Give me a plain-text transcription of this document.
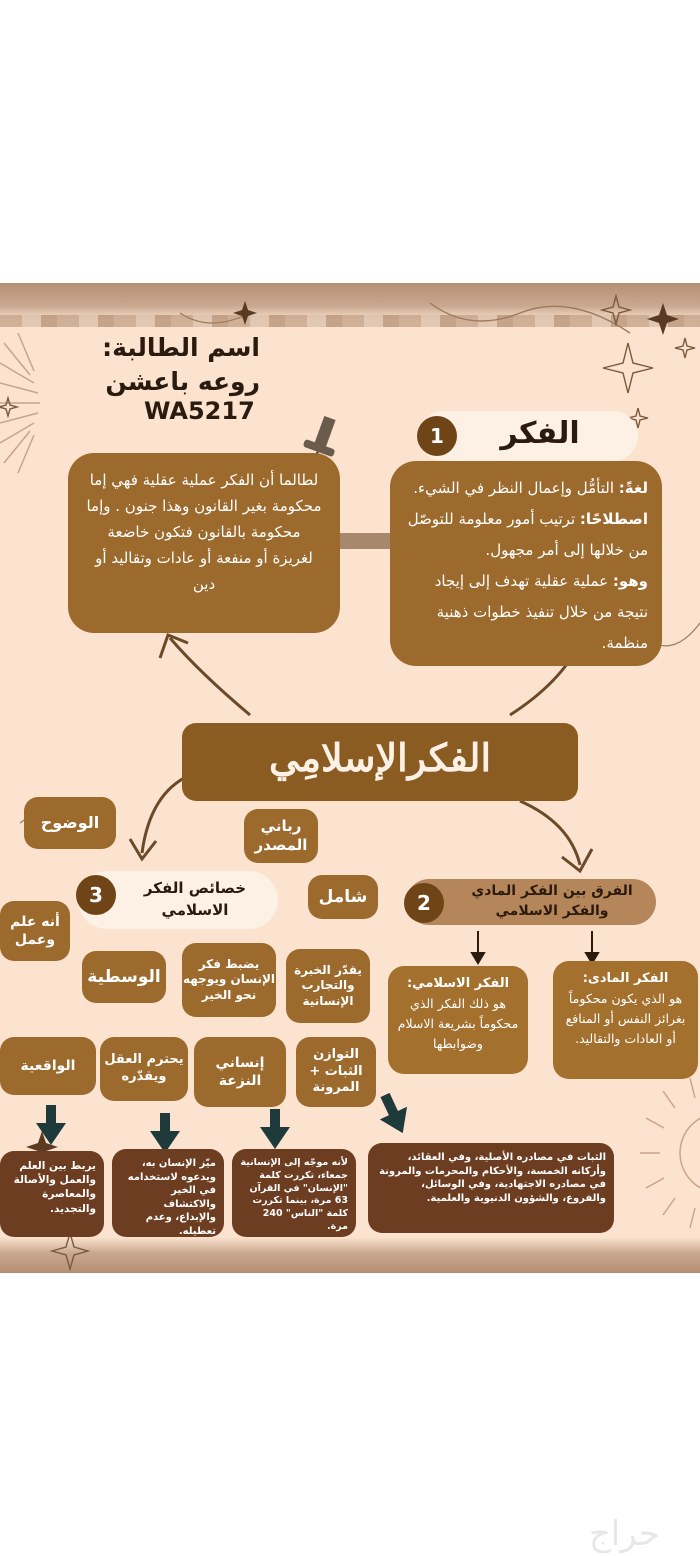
اسم الطالبة:
روعه باعشن
WA5217
الفكر
1
لغةً: التأمُّل وإعمال النظر في الشيء.
اصطلاحًا: ترتيب أمور معلومة للتوصّل من خلالها إلى أمر مجهول.
وهو: عملية عقلية تهدف إلى إيجاد نتيجة من خلال تنفيذ خطوات ذهنية منظمة.
لطالما أن الفكر عملية عقلية فهي إما محكومة بغير القانون وهذا جنون . وإما محكومة بالقانون فتكون خاضعة لغريزة أو منفعة أو عادات وتقاليد أو دين
الفكرالإسلامِي
الفرق بين الفكر المادي والفكر الاسلامي
2
الفكر الاسلامي:
هو ذلك الفكر الذي محكوماً بشريعة الاسلام وضوابطها
الفكر المادى:
هو الذي يكون محكوماً بغرائز النفس أو المنافع أو العادات والتقاليد.
خصائص الفكر الاسلامي
3
الوضوح	رباني المصدر
شامل
أنه علم وعمل
الوسطية
يضبط فكر الإنسان ويوجهه نحو الخير
يقدّر الخبرة والتجارب الإنسانية
الواقعية	يحترم العقل ويقدّره
إنساني النزعة
التوازن الثبات + المرونة
يربط بين العلم والعمل والأصالة والمعاصرة والتجديد.
ميّز الإنسان به، ويدعوه لاستخدامه في الخير والاكتشاف والإبداع، وعدم تعطيله.
لأنه موجّه إلى الإنسانية جمعاء، تكررت كلمة "الإنسان" في القرآن 63 مرة، بينما تكررت كلمة "الناس" 240 مرة.
الثبات في مصادره الأصلية، وفي العقائد، وأركانه الخمسة، والأحكام والمحرمات والمرونة في مصادره الاجتهادية، وفي الوسائل، والفروع، والشؤون الدنيوية والعلمية.
حراج
